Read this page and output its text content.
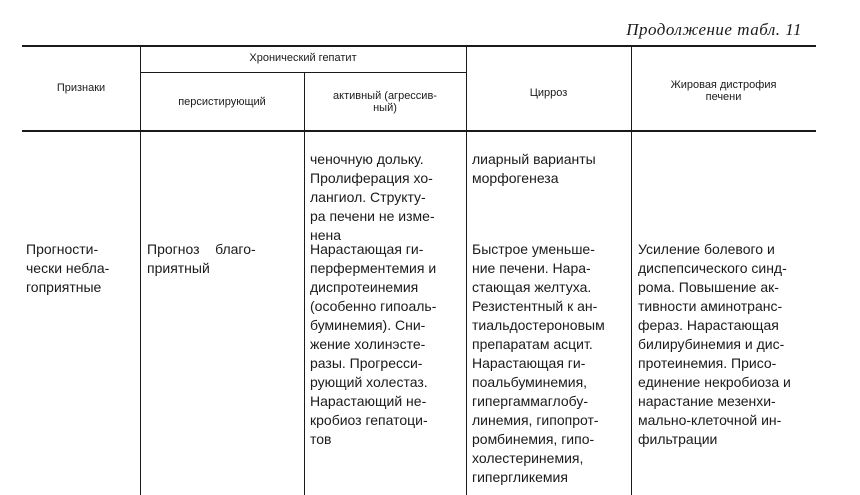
Продолжение табл. 11
Признаки
Хронический гепатит
персистирующий	активный (агрессив-
ный)
Цирроз
Жировая дистрофия
печени
ченочную дольку.
Пролиферация хо-
лангиол. Структу-
ра печени не изме-
нена
лиарный варианты
морфогенеза
Прогности-
чески небла-
гоприятные
Прогноз    благо-
приятный
Нарастающая ги-
перферментемия и
диспротеинемия
(особенно гипоаль-
буминемия). Сни-
жение холинэсте-
разы. Прогресси-
рующий холестаз.
Нарастающий не-
кробиоз гепатоци-
тов
Быстрое уменьше-
ние печени. Нара-
стающая желтуха.
Резистентный к ан-
тиальдостероновым
препаратам асцит.
Нарастающая ги-
поальбуминемия,
гипергаммаглобу-
линемия, гипопрот-
ромбинемия, гипо-
холестеринемия,
гипергликемия
Усиление болевого и
диспепсического синд-
рома. Повышение ак-
тивности аминотранс-
фераз. Нарастающая
билирубинемия и дис-
протеинемия. Присо-
единение некробиоза и
нарастание мезенхи-
мально-клеточной ин-
фильтрации
